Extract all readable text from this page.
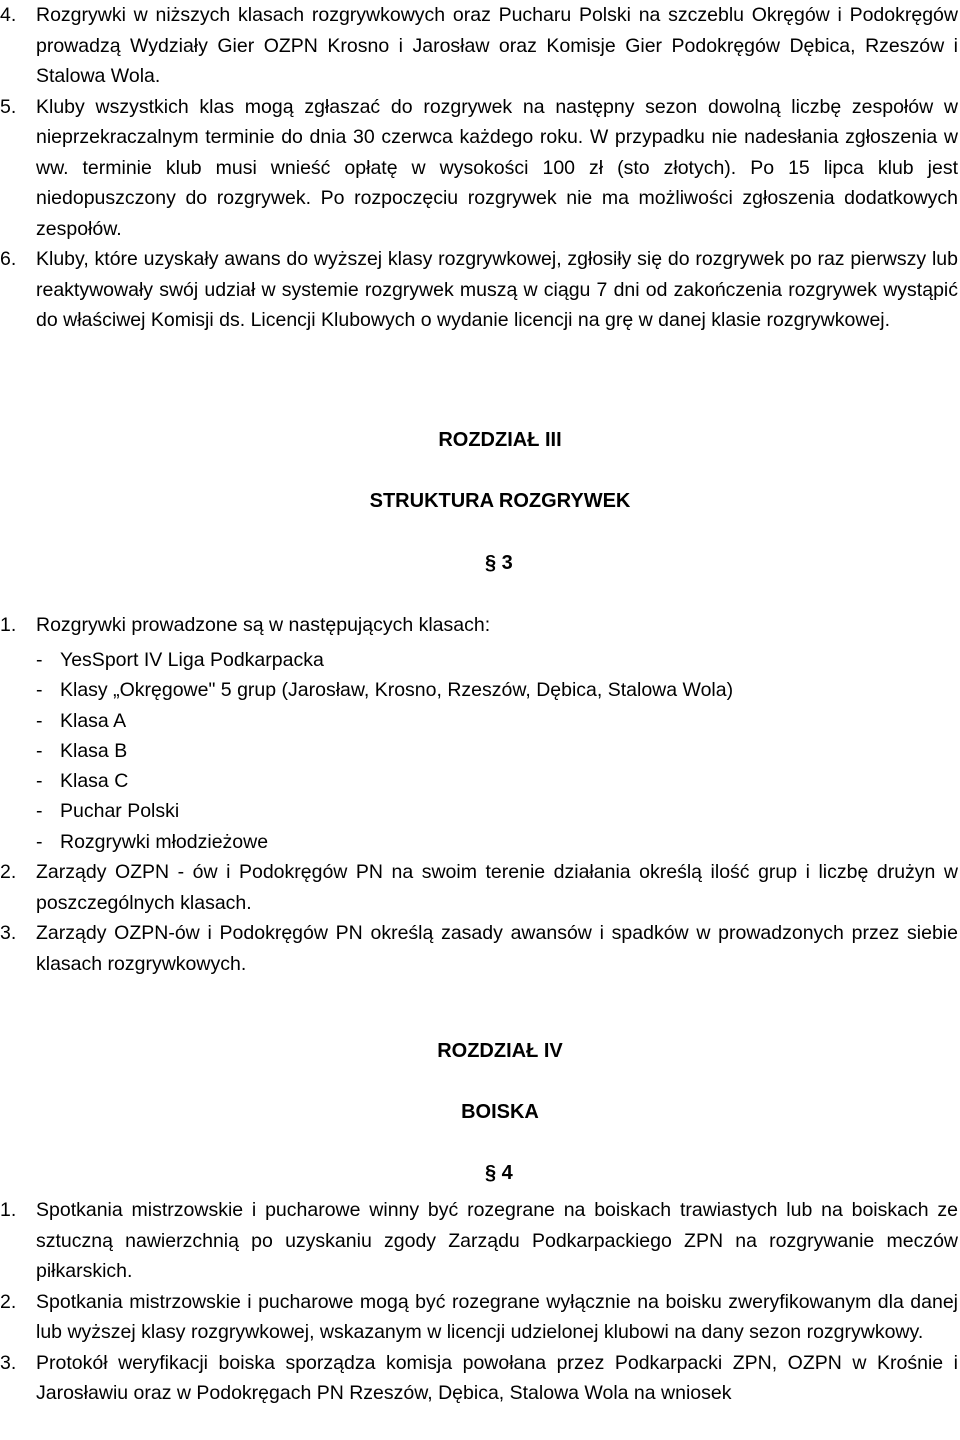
4. Rozgrywki w niższych klasach rozgrywkowych oraz Pucharu Polski na szczeblu Okręgów i Podokręgów prowadzą Wydziały Gier OZPN Krosno i Jarosław oraz Komisje Gier Podokręgów Dębica, Rzeszów i Stalowa Wola.
5. Kluby wszystkich klas mogą zgłaszać do rozgrywek na następny sezon dowolną liczbę zespołów w nieprzekraczalnym terminie do dnia 30 czerwca każdego roku. W przypadku nie nadesłania zgłoszenia w ww. terminie klub musi wnieść opłatę w wysokości 100 zł (sto złotych). Po 15 lipca klub jest niedopuszczony do rozgrywek. Po rozpoczęciu rozgrywek nie ma możliwości zgłoszenia dodatkowych zespołów.
6. Kluby, które uzyskały awans do wyższej klasy rozgrywkowej, zgłosiły się do rozgrywek po raz pierwszy lub reaktywowały swój udział w systemie rozgrywek muszą w ciągu 7 dni od zakończenia rozgrywek wystąpić do właściwej Komisji ds. Licencji Klubowych o wydanie licencji na grę w danej klasie rozgrywkowej.
ROZDZIAŁ III
STRUKTURA ROZGRYWEK
§ 3
1. Rozgrywki prowadzone są w następujących klasach:
- YesSport IV Liga Podkarpacka
- Klasy „Okręgowe" 5 grup (Jarosław, Krosno, Rzeszów, Dębica, Stalowa Wola)
- Klasa A
- Klasa B
- Klasa C
- Puchar Polski
- Rozgrywki młodzieżowe
2. Zarządy OZPN - ów i Podokręgów PN na swoim terenie działania określą ilość grup i liczbę drużyn w poszczególnych klasach.
3. Zarządy OZPN-ów i Podokręgów PN określą zasady awansów i spadków w prowadzonych przez siebie klasach rozgrywkowych.
ROZDZIAŁ IV
BOISKA
§ 4
1. Spotkania mistrzowskie i pucharowe winny być rozegrane na boiskach trawiastych lub na boiskach ze sztuczną nawierzchnią po uzyskaniu zgody Zarządu Podkarpackiego ZPN na rozgrywanie meczów piłkarskich.
2. Spotkania mistrzowskie i pucharowe mogą być rozegrane wyłącznie na boisku zweryfikowanym dla danej lub wyższej klasy rozgrywkowej, wskazanym w licencji udzielonej klubowi na dany sezon rozgrywkowy.
3. Protokół weryfikacji boiska sporządza komisja powołana przez Podkarpacki ZPN, OZPN w Krośnie i Jarosławiu oraz w Podokręgach PN Rzeszów, Dębica, Stalowa Wola na wniosek
